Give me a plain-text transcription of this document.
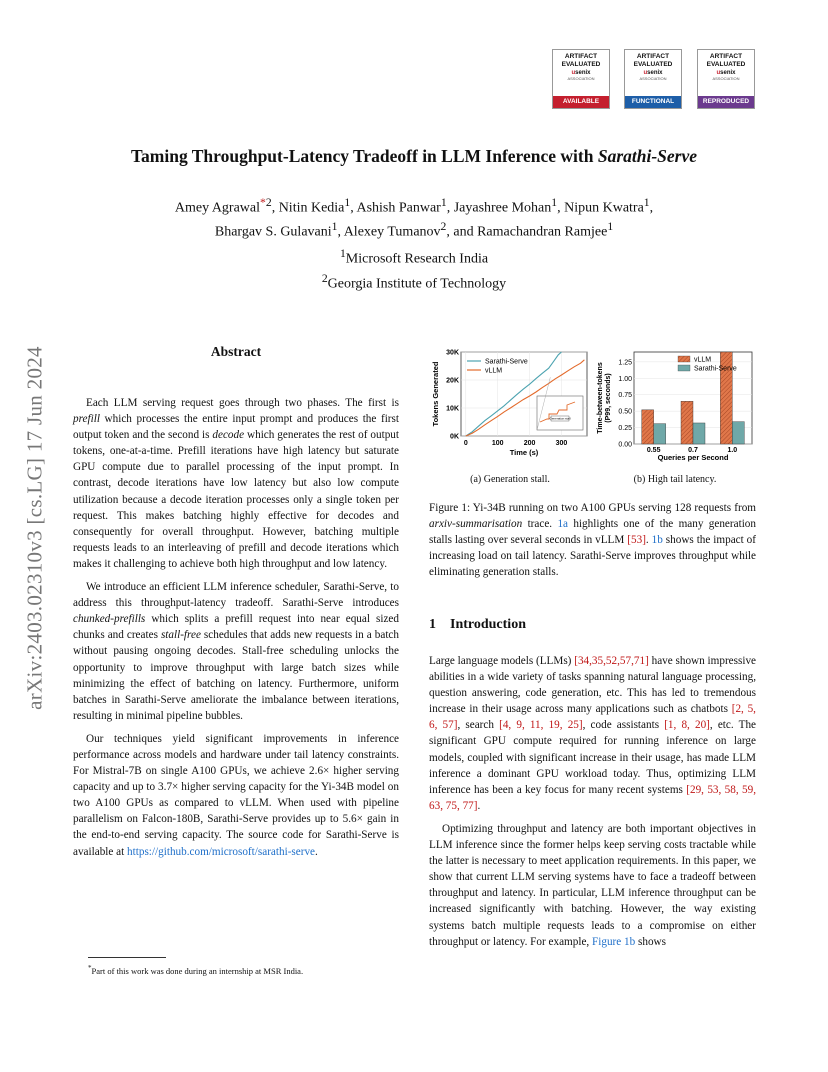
ARTIFACT
EVALUATED
usenix
ASSOCIATION
AVAILABLE
ARTIFACT
EVALUATED
usenix
ASSOCIATION
FUNCTIONAL
ARTIFACT
EVALUATED
usenix
ASSOCIATION
REPRODUCED
arXiv:2403.02310v3 [cs.LG] 17 Jun 2024
Taming Throughput-Latency Tradeoff in LLM Inference with Sarathi-Serve
Amey Agrawal$^{*2}$, Nitin Kedia$^1$, Ashish Panwar$^1$, Jayashree Mohan$^1$, Nipun Kwatra$^1$,
Bhargav S. Gulavani$^1$, Alexey Tumanov$^2$, and Ramachandran Ramjee$^1$
$^1$Microsoft Research India
$^2$Georgia Institute of Technology
Abstract

Each LLM serving request goes through two phases. The first is prefill which processes the entire input prompt and produces the first output token and the second is decode which generates the rest of output tokens, one-at-a-time. Prefill iterations have high latency but saturate GPU compute due to parallel processing of the input prompt. In contrast, decode iterations have low latency but also low compute utilization because a decode iteration processes only a single token per request. This makes batching highly effective for decodes and consequently for overall throughput. However, batching multiple requests leads to an interleaving of prefill and decode iterations which makes it challenging to achieve both high throughput and low latency.

We introduce an efficient LLM inference scheduler, Sarathi-Serve, to address this throughput-latency tradeoff. Sarathi-Serve introduces chunked-prefills which splits a prefill request into near equal sized chunks and creates stall-free schedules that adds new requests in a batch without pausing ongoing decodes. Stall-free scheduling unlocks the opportunity to improve throughput with large batch sizes while minimizing the effect of batching on latency. Furthermore, uniform batches in Sarathi-Serve ameliorate the imbalance between iterations, resulting in minimal pipeline bubbles.

Our techniques yield significant improvements in inference performance across models and hardware under tail latency constraints. For Mistral-7B on single A100 GPUs, we achieve 2.6× higher serving capacity and up to 3.7× higher serving capacity for the Yi-34B model on two A100 GPUs as compared to vLLM. When used with pipeline parallelism on Falcon-180B, Sarathi-Serve provides up to 5.6× gain in the end-to-end serving capacity. The source code for Sarathi-Serve is available at https://github.com/microsoft/sarathi-serve.

*Part of this work was done during an internship at MSR India.
0K
10K
20K
30K
0	100	200	300
Time (s)
Tokens Generated	Sarathi-Serve
vLLM
Generation stall
0.00
0.25
0.50
0.75
1.00
1.25
0.55	0.7	1.0
Queries per Second
Time-between-tokens (P99, seconds)
vLLM
Sarathi-Serve
(a) Generation stall.	(b) High tail latency.

Figure 1: Yi-34B running on two A100 GPUs serving 128 requests from arxiv-summarisation trace. 1a highlights one of the many generation stalls lasting over several seconds in vLLM [53]. 1b shows the impact of increasing load on tail latency. Sarathi-Serve improves throughput while eliminating generation stalls.

1 Introduction

Large language models (LLMs) [34,35,52,57,71] have shown impressive abilities in a wide variety of tasks spanning natural language processing, question answering, code generation, etc. This has led to tremendous increase in their usage across many applications such as chatbots [2, 5, 6, 57], search [4, 9, 11, 19, 25], code assistants [1, 8, 20], etc. The significant GPU compute required for running inference on large models, coupled with significant increase in their usage, has made LLM inference a dominant GPU workload today. Thus, optimizing LLM inference has been a key focus for many recent systems [29, 53, 58, 59, 63, 75, 77].

Optimizing throughput and latency are both important objectives in LLM inference since the former helps keep serving costs tractable while the latter is necessary to meet application requirements. In this paper, we show that current LLM serving systems have to face a tradeoff between throughput and latency. In particular, LLM inference throughput can be increased significantly with batching. However, the way existing systems batch multiple requests leads to a compromise on either throughput or latency. For example, Figure 1b shows
